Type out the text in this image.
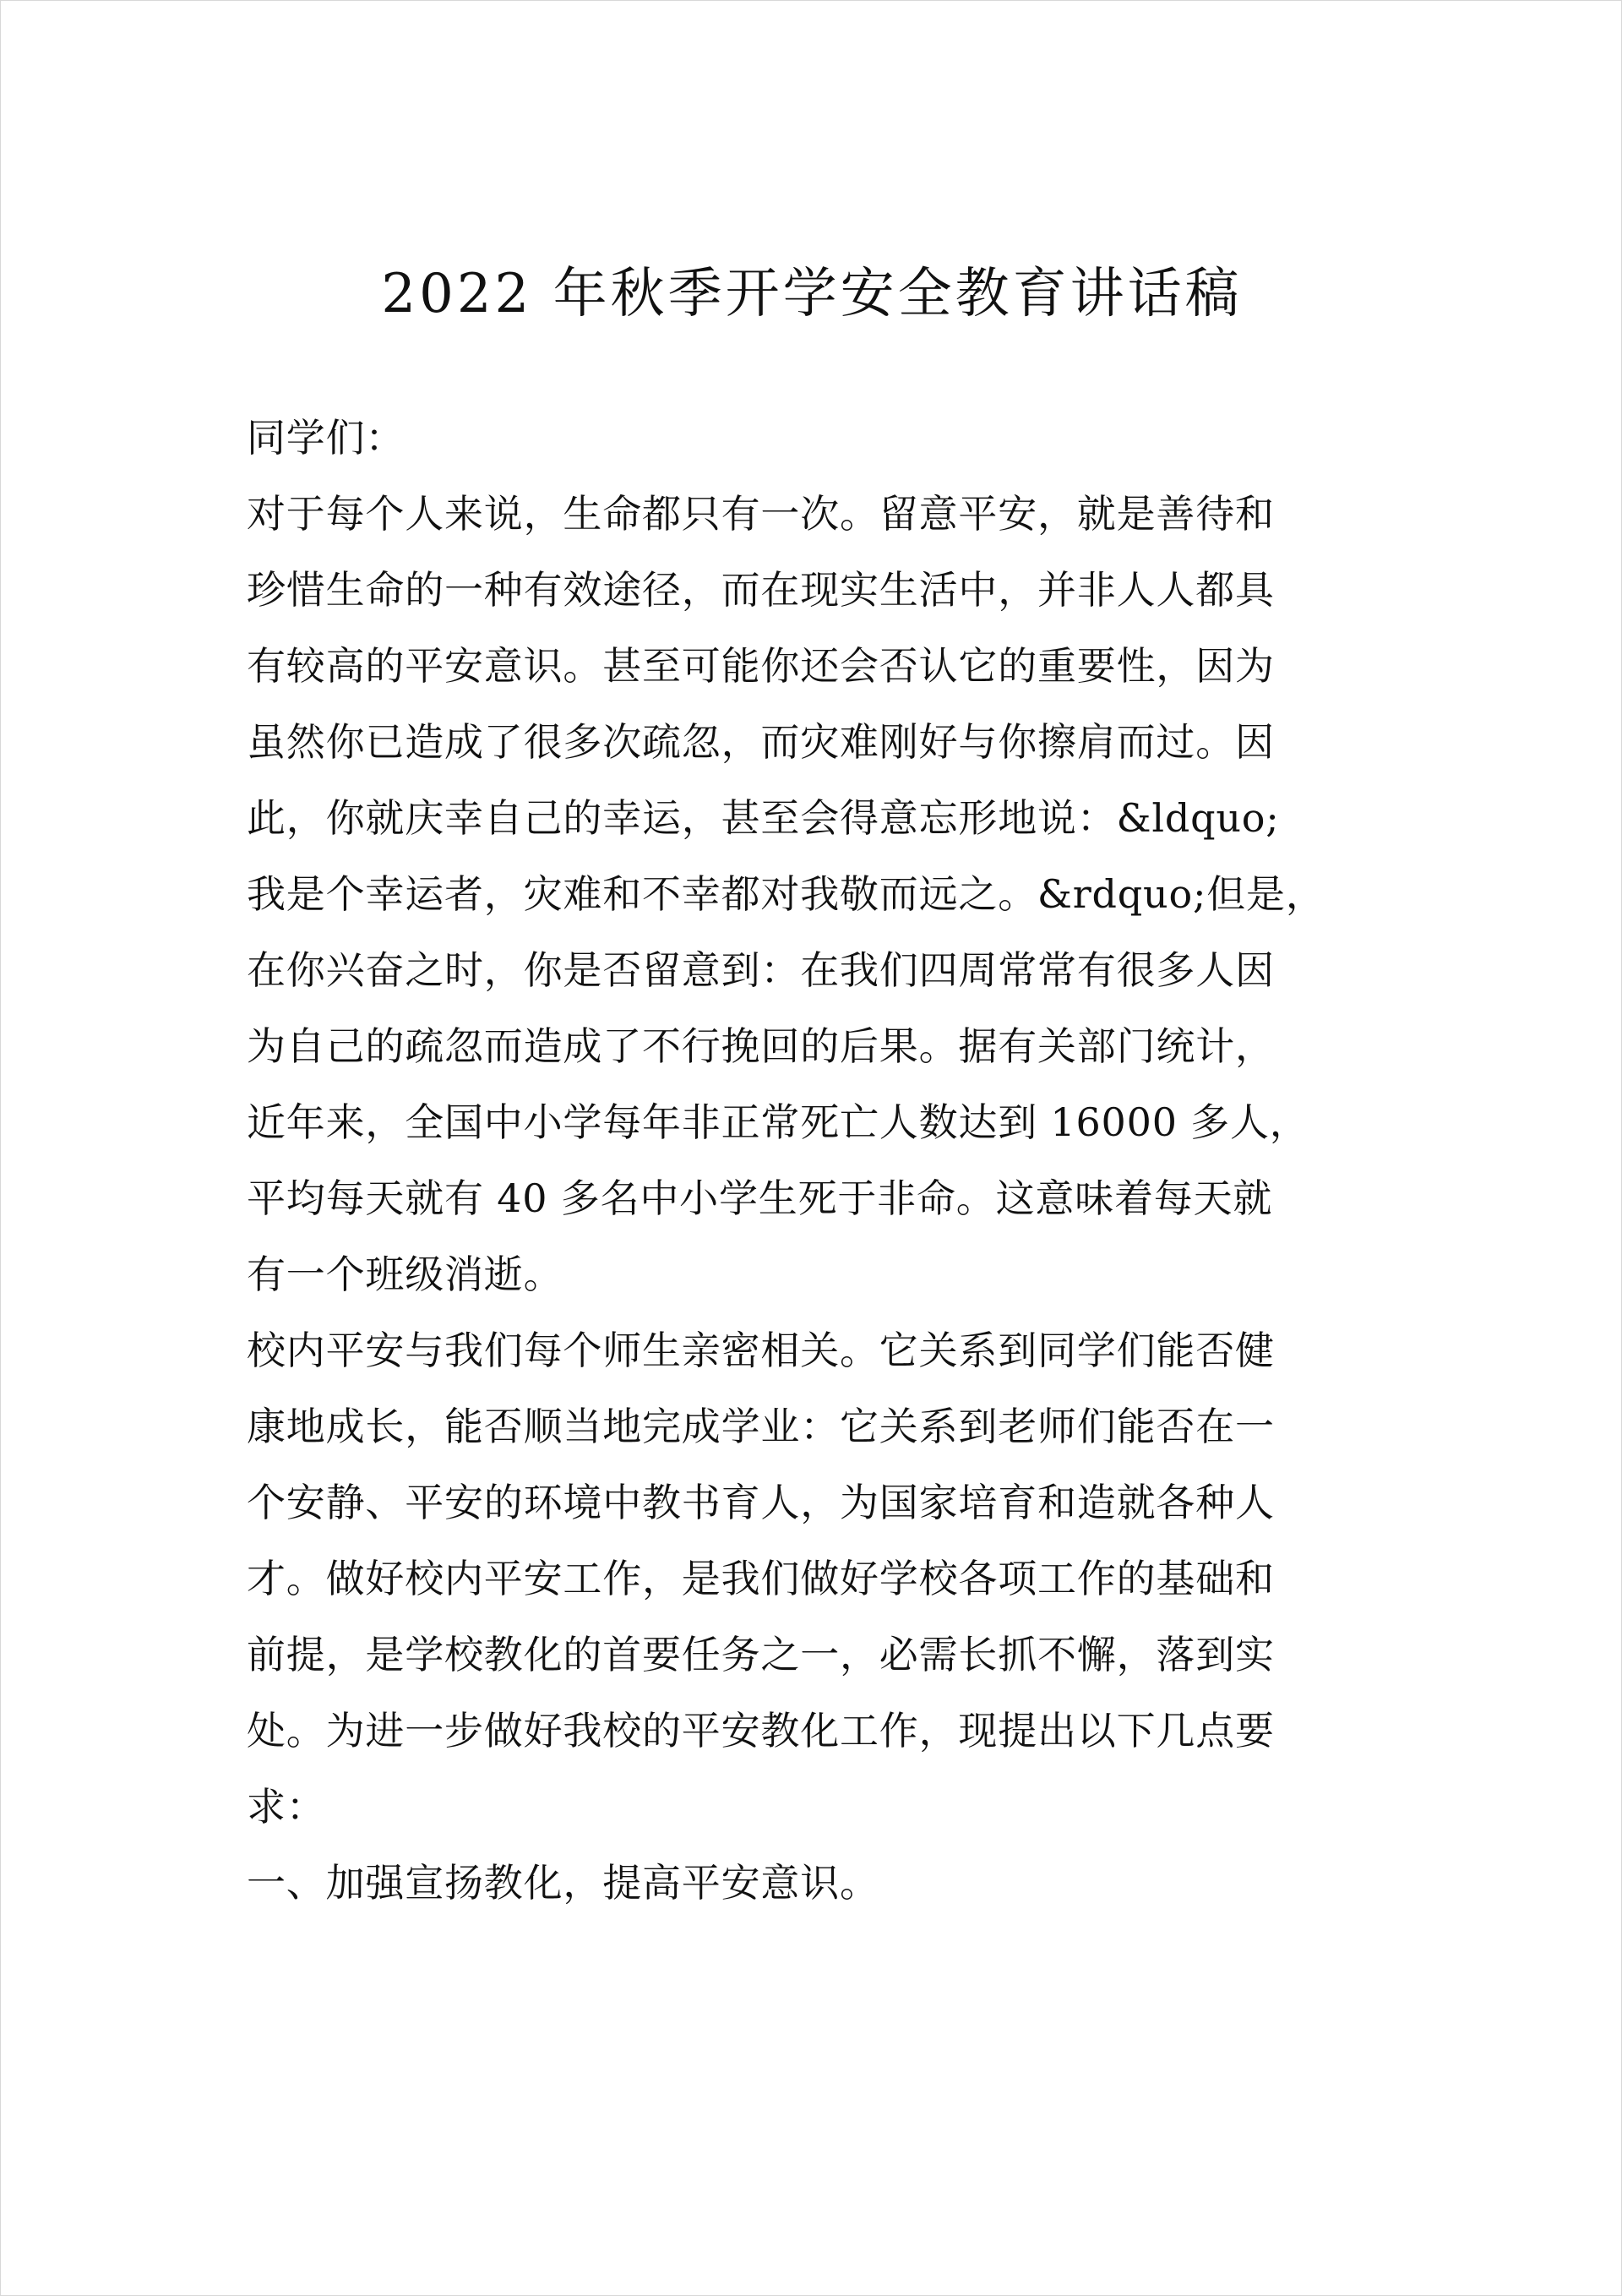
2022 年秋季开学安全教育讲话稿
同学们：
对于每个人来说，生命都只有一次。留意平安，就是善待和
珍惜生命的一种有效途径，而在现实生活中，并非人人都具
有较高的平安意识。甚至可能你还会否认它的重要性，因为
虽然你已造成了很多次疏忽，而灾难刚好与你擦肩而过。因
此，你就庆幸自己的幸运，甚至会得意忘形地说：&ldquo;
我是个幸运者，灾难和不幸都对我敬而远之。&rdquo;但是，
在你兴奋之时，你是否留意到：在我们四周常常有很多人因
为自己的疏忽而造成了不行挽回的后果。据有关部门统计，
近年来，全国中小学每年非正常死亡人数达到 16000 多人，
平均每天就有 40 多名中小学生死于非命。这意味着每天就
有一个班级消逝。
校内平安与我们每个师生亲密相关。它关系到同学们能否健
康地成长，能否顺当地完成学业：它关系到老师们能否在一
个安静、平安的环境中教书育人，为国家培育和造就各种人
才。做好校内平安工作，是我们做好学校各项工作的基础和
前提，是学校教化的首要任务之一，必需长抓不懈，落到实
处。为进一步做好我校的平安教化工作，现提出以下几点要
求：
一、加强宣扬教化，提高平安意识。
